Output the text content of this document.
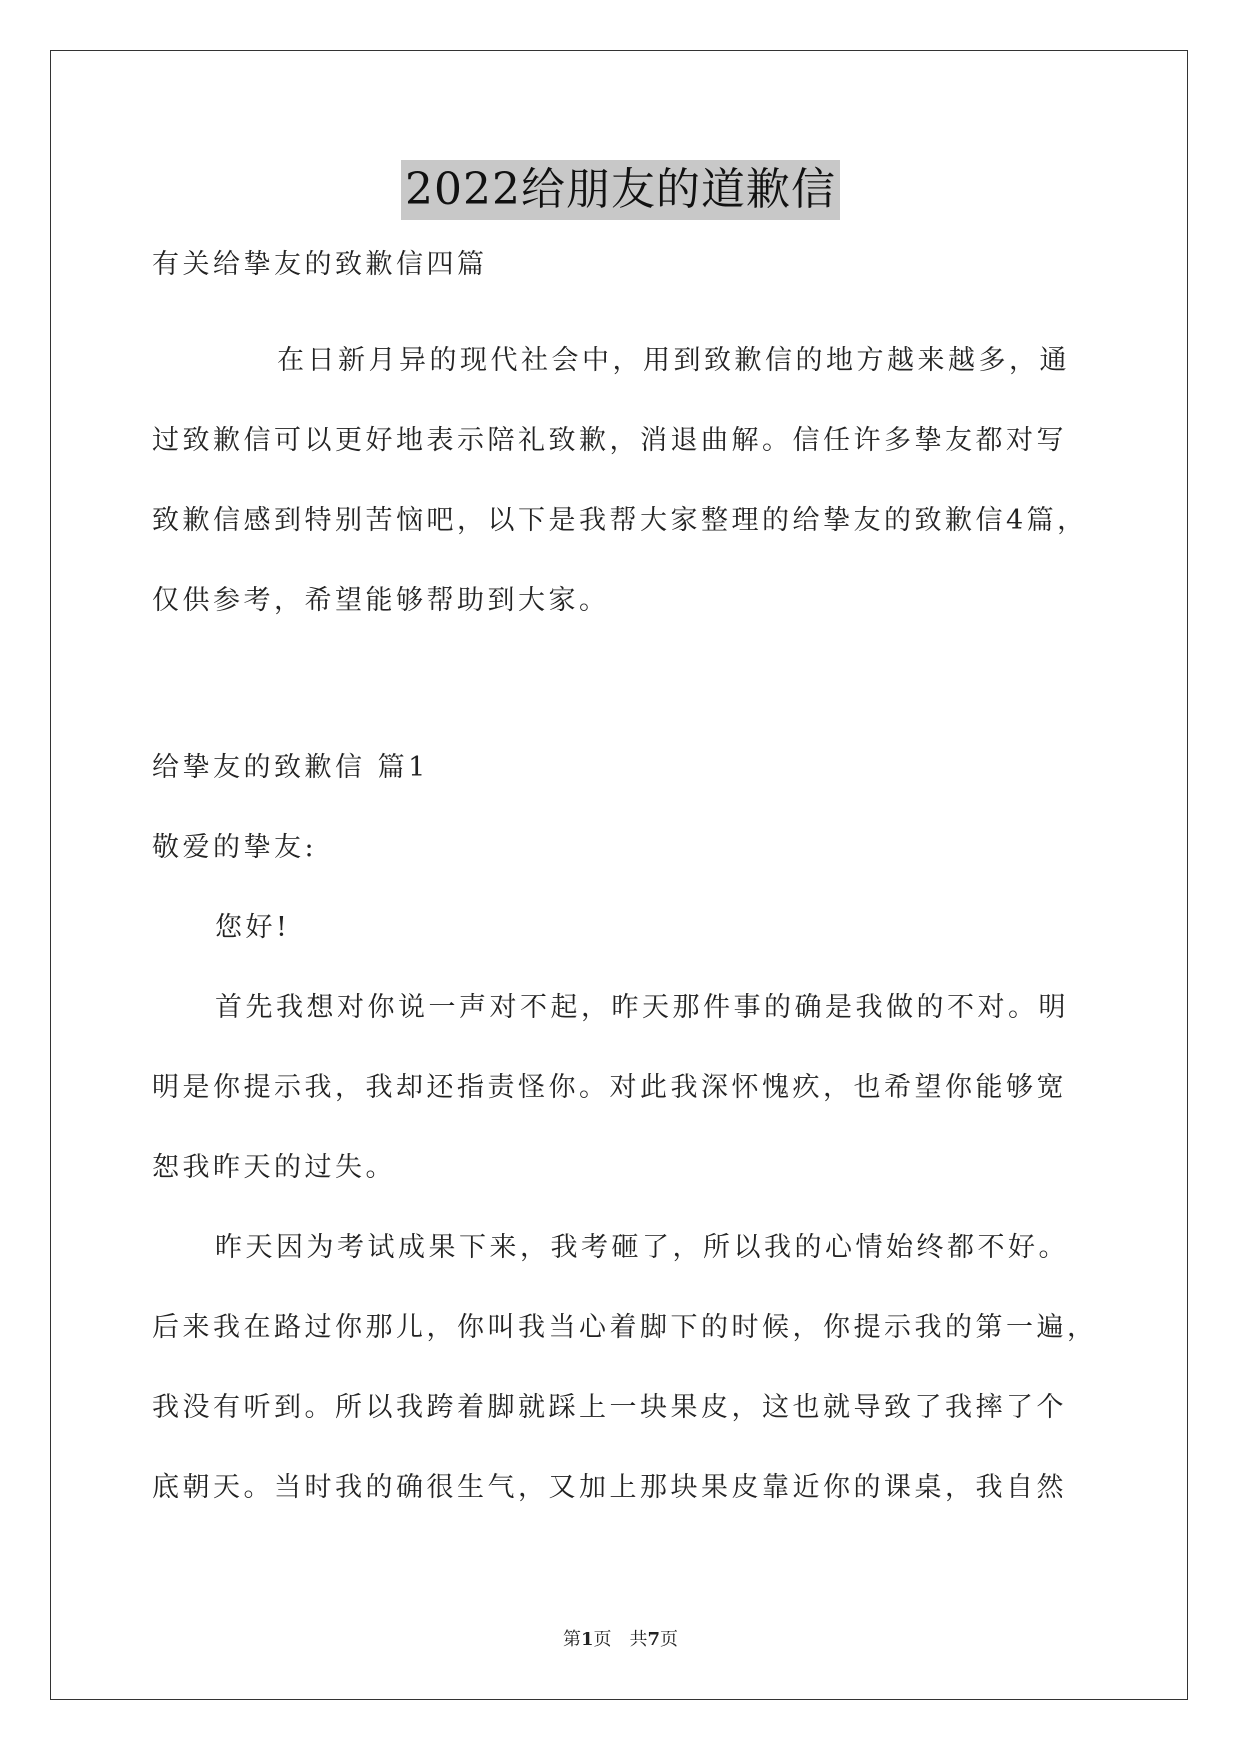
2022给朋友的道歉信

有关给挚友的致歉信四篇

在日新月异的现代社会中，用到致歉信的地方越来越多，通

过致歉信可以更好地表示陪礼致歉，消退曲解。信任许多挚友都对写

致歉信感到特别苦恼吧，以下是我帮大家整理的给挚友的致歉信4篇，

仅供参考，希望能够帮助到大家。

给挚友的致歉信 篇1

敬爱的挚友:

您好!

首先我想对你说一声对不起，昨天那件事的确是我做的不对。明

明是你提示我，我却还指责怪你。对此我深怀愧疚，也希望你能够宽

恕我昨天的过失。

昨天因为考试成果下来，我考砸了，所以我的心情始终都不好。

后来我在路过你那儿，你叫我当心着脚下的时候，你提示我的第一遍，

我没有听到。所以我跨着脚就踩上一块果皮，这也就导致了我摔了个

底朝天。当时我的确很生气，又加上那块果皮靠近你的课桌，我自然

第1页　共7页
